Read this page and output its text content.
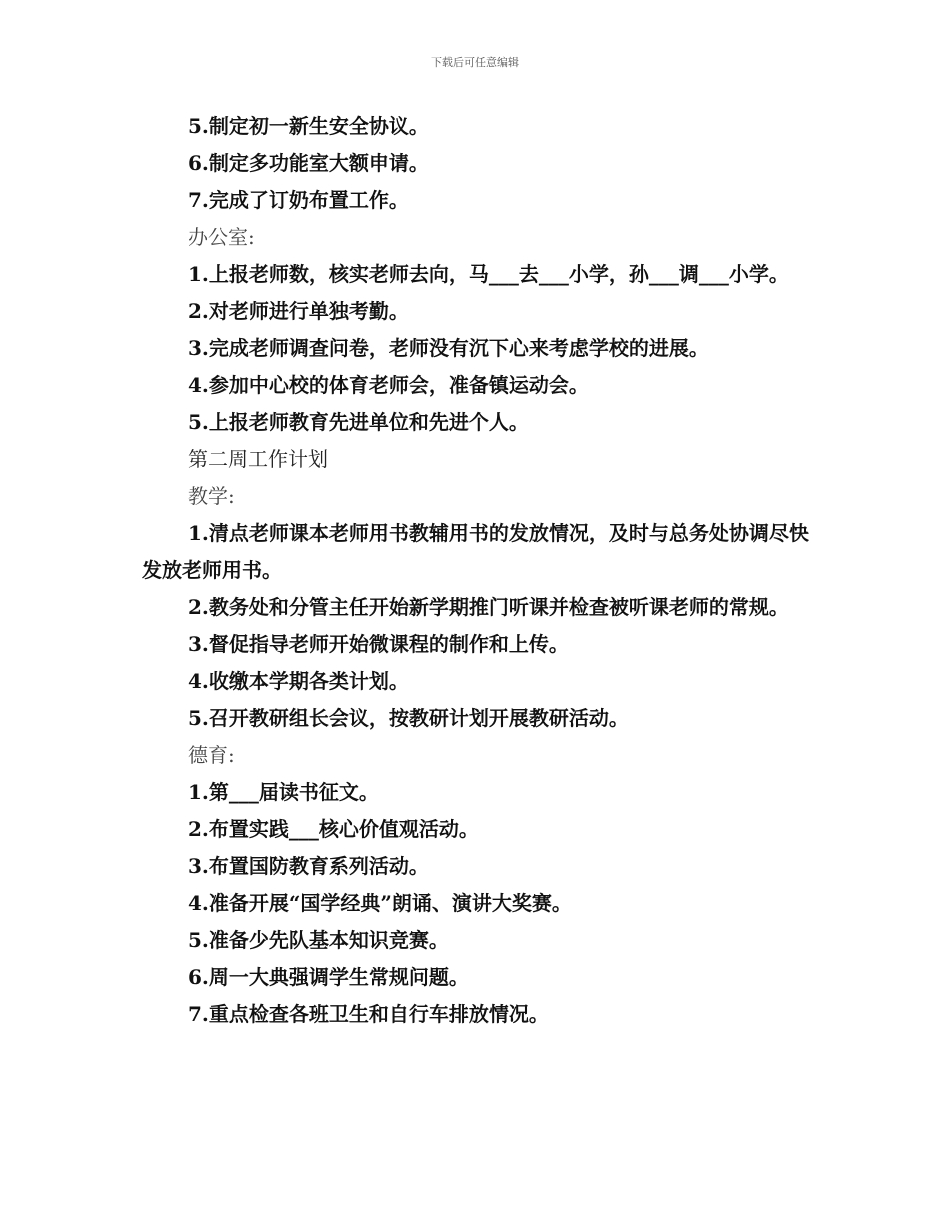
下载后可任意编辑

5.制定初一新生安全协议。

6.制定多功能室大额申请。

7.完成了订奶布置工作。

办公室:

1.上报老师数，核实老师去向，马___去___小学，孙___调___小学。

2.对老师进行单独考勤。

3.完成老师调查问卷，老师没有沉下心来考虑学校的进展。

4.参加中心校的体育老师会，准备镇运动会。

5.上报老师教育先进单位和先进个人。

第二周工作计划

教学:

1.清点老师课本老师用书教辅用书的发放情况，及时与总务处协调尽快发放老师用书。

2.教务处和分管主任开始新学期推门听课并检查被听课老师的常规。

3.督促指导老师开始微课程的制作和上传。

4.收缴本学期各类计划。

5.召开教研组长会议，按教研计划开展教研活动。

德育:

1.第___届读书征文。

2.布置实践___核心价值观活动。

3.布置国防教育系列活动。

4.准备开展“国学经典”朗诵、演讲大奖赛。

5.准备少先队基本知识竞赛。

6.周一大典强调学生常规问题。

7.重点检查各班卫生和自行车排放情况。
